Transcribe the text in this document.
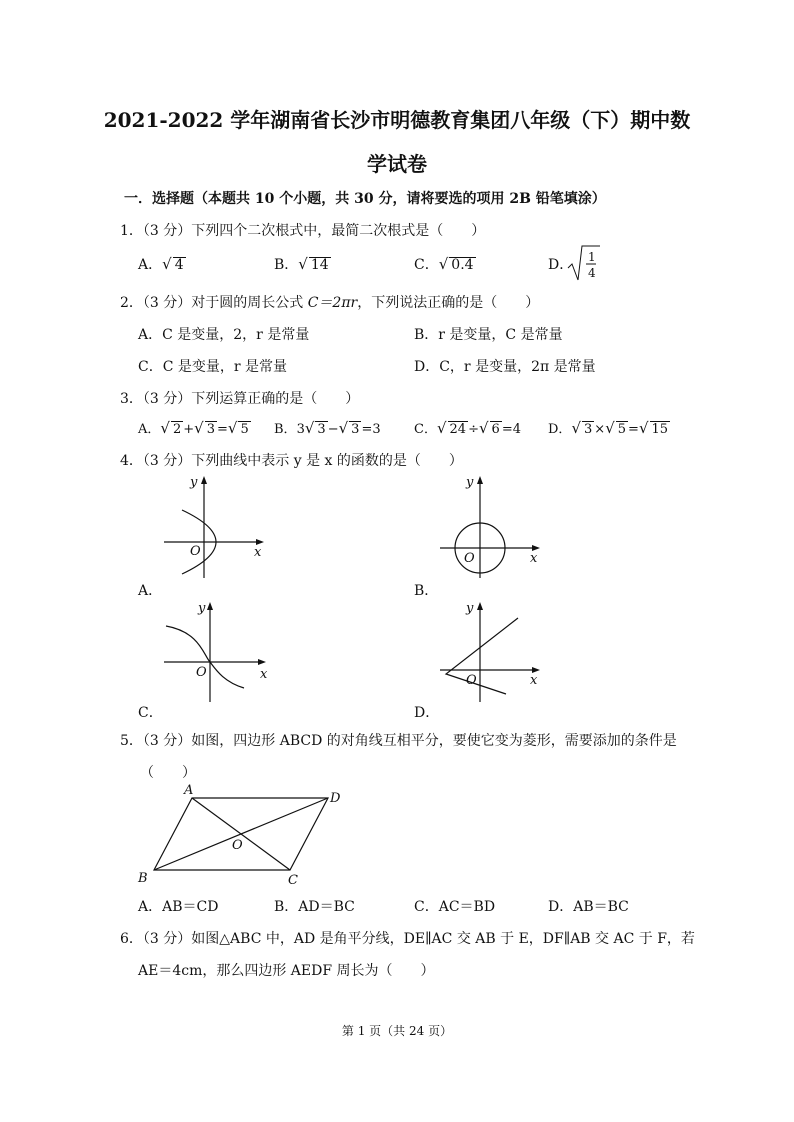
2021-2022 学年湖南省长沙市明德教育集团八年级（下）期中数
学试卷
一．选择题（本题共 10 个小题，共 30 分，请将要选的项用 2B 铅笔填涂）
1．（3 分）下列四个二次根式中，最简二次根式是（　　）
A．√ 4	B．√ 14	C．√ 0.4	D． 1
4
2．（3 分）对于圆的周长公式 C＝2πr，下列说法正确的是（　　）
A．C 是变量，2，r 是常量	B．r 是变量，C 是常量
C．C 是变量，r 是常量	D．C，r 是变量，2π 是常量
3．（3 分）下列运算正确的是（　　）
A．√ 2 +√ 3 =√ 5 B．3√ 3 −√ 3 =3	C．√ 24 ÷√ 6 =4 D．√ 3 ×√ 5 =√ 15
4．（3 分）下列曲线中表示 y 是 x 的函数的是（　　）
y
x
O
A．
y
x
O
B．
y
x
O
C．
y
x
O
D．
5．（3 分）如图，四边形 ABCD 的对角线互相平分，要使它变为菱形，需要添加的条件是
（　　）
A
D
B	C
O
A．AB＝CD	B．AD＝BC	C．AC＝BD	D．AB＝BC
6．（3 分）如图△ABC 中，AD 是角平分线，DE∥AC 交 AB 于 E，DF∥AB 交 AC 于 F，若
AE＝4cm，那么四边形 AEDF 周长为（　　）
第 1 页（共 24 页）
